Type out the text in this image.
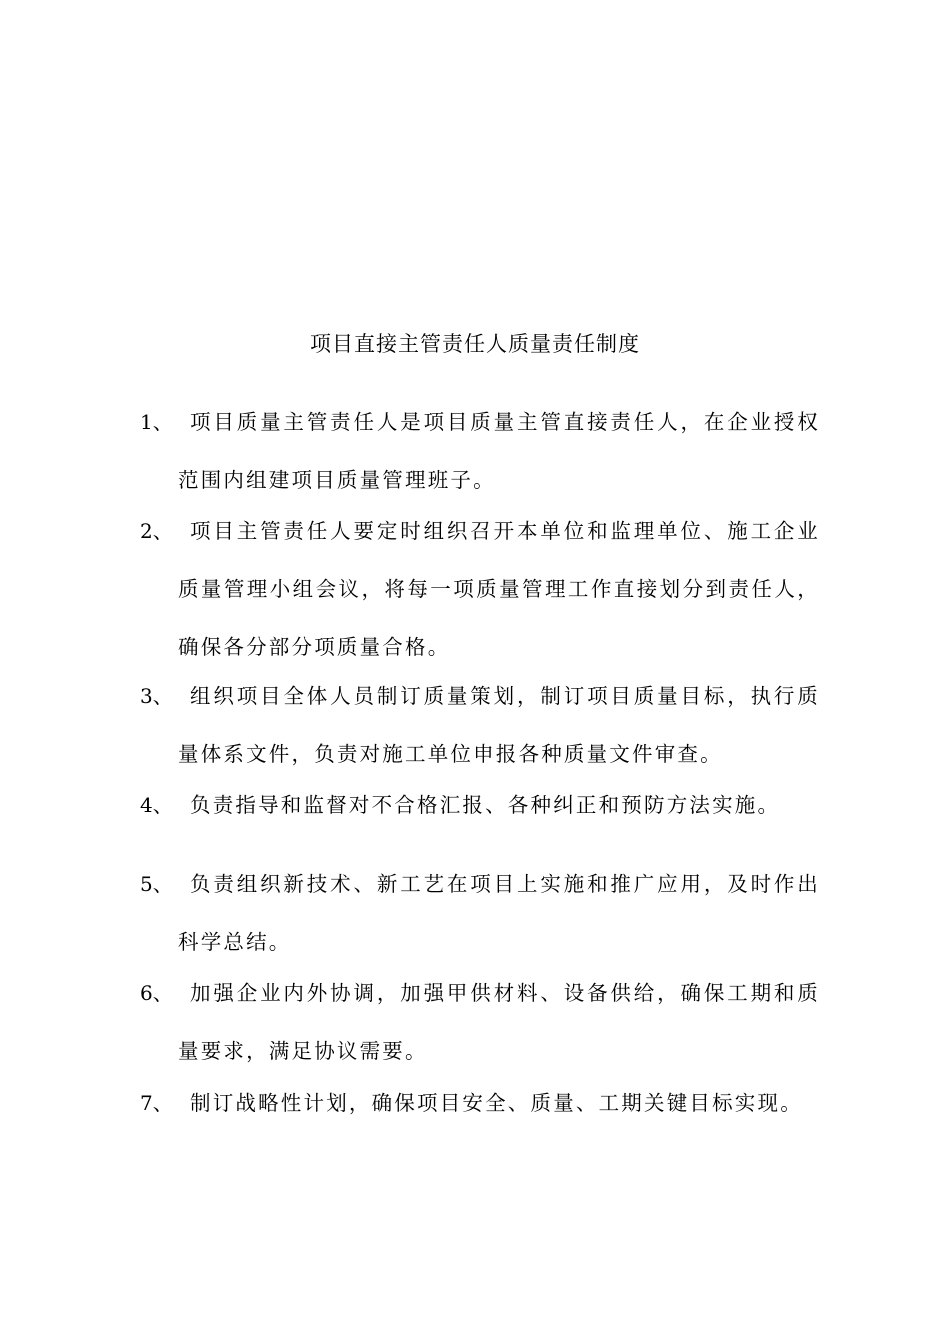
项目直接主管责任人质量责任制度
1、 项目质量主管责任人是项目质量主管直接责任人，在企业授权范围内组建项目质量管理班子。
2、 项目主管责任人要定时组织召开本单位和监理单位、施工企业质量管理小组会议，将每一项质量管理工作直接划分到责任人，确保各分部分项质量合格。
3、 组织项目全体人员制订质量策划，制订项目质量目标，执行质量体系文件，负责对施工单位申报各种质量文件审查。
4、 负责指导和监督对不合格汇报、各种纠正和预防方法实施。
5、 负责组织新技术、新工艺在项目上实施和推广应用，及时作出科学总结。
6、 加强企业内外协调，加强甲供材料、设备供给，确保工期和质量要求，满足协议需要。
7、 制订战略性计划，确保项目安全、质量、工期关键目标实现。
